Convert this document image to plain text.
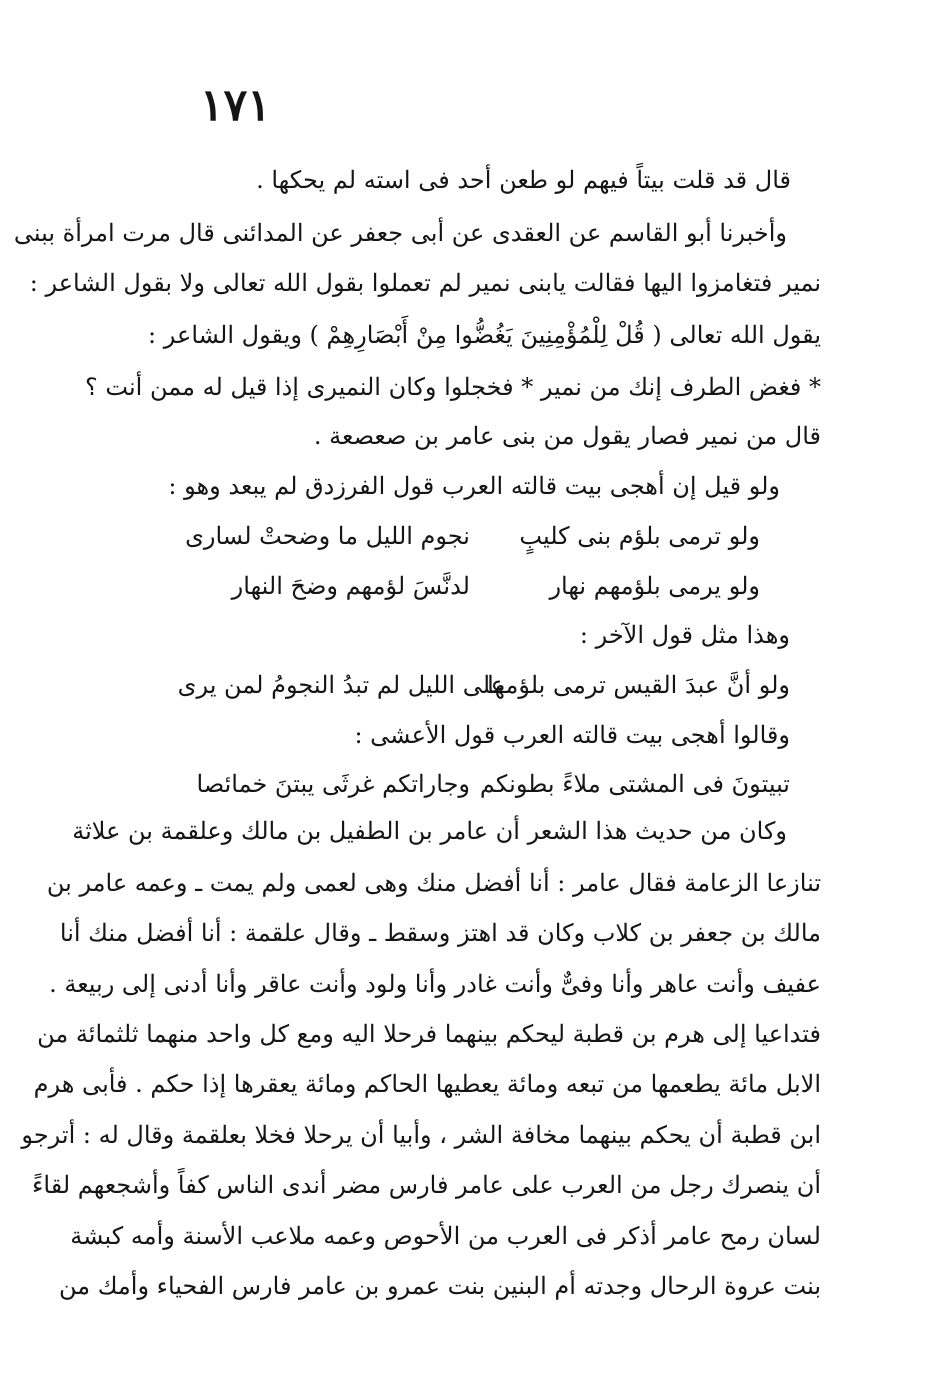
١٧١
قال قد قلت بيتاً فيهم لو طعن أحد فى استه لم يحكها .
وأخبرنا أبو القاسم عن العقدى عن أبى جعفر عن المدائنى قال مرت امرأة ببنى
نمير فتغامزوا اليها فقالت يابنى نمير لم تعملوا بقول الله تعالى ولا بقول الشاعر :
يقول الله تعالى ( قُلْ لِلْمُؤْمِنِينَ يَغُضُّوا مِنْ أَبْصَارِهِمْ ) ويقول الشاعر :
* فغض الطرف إنك من نمير * فخجلوا وكان النميرى إذا قيل له ممن أنت ؟
قال من نمير فصار يقول من بنى عامر بن صعصعة .
ولو قيل إن أهجى بيت قالته العرب قول الفرزدق لم يبعد وهو :
ولو ترمى بلؤم بنى كليبٍ
نجوم الليل ما وضحتْ لسارى
ولو يرمى بلؤمهم نهار
لدنَّسَ لؤمهم وضحَ النهار
وهذا مثل قول الآخر :
ولو أنَّ عبدَ القيس ترمى بلؤمها
على الليل لم تبدُ النجومُ لمن يرى
وقالوا أهجى بيت قالته العرب قول الأعشى :
تبيتونَ فى المشتى ملاءً بطونكم
وجاراتكم غرثَى يبتنَ خمائصا
وكان من حديث هذا الشعر أن عامر بن الطفيل بن مالك وعلقمة بن علاثة
تنازعا الزعامة فقال عامر : أنا أفضل منك وهى لعمى ولم يمت ـ وعمه عامر بن
مالك بن جعفر بن كلاب وكان قد اهتز وسقط ـ وقال علقمة : أنا أفضل منك أنا
عفيف وأنت عاهر وأنا وفىٌّ وأنت غادر وأنا ولود وأنت عاقر وأنا أدنى إلى ربيعة .
فتداعيا إلى هرم بن قطبة ليحكم بينهما فرحلا اليه ومع كل واحد منهما ثلثمائة من
الابل مائة يطعمها من تبعه ومائة يعطيها الحاكم ومائة يعقرها إذا حكم . فأبى هرم
ابن قطبة أن يحكم بينهما مخافة الشر ، وأبيا أن يرحلا فخلا بعلقمة وقال له : أترجو
أن ينصرك رجل من العرب على عامر فارس مضر أندى الناس كفاً وأشجعهم لقاءً
لسان رمح عامر أذكر فى العرب من الأحوص وعمه ملاعب الأسنة وأمه كبشة
بنت عروة الرحال وجدته أم البنين بنت عمرو بن عامر فارس الفحياء وأمك من
